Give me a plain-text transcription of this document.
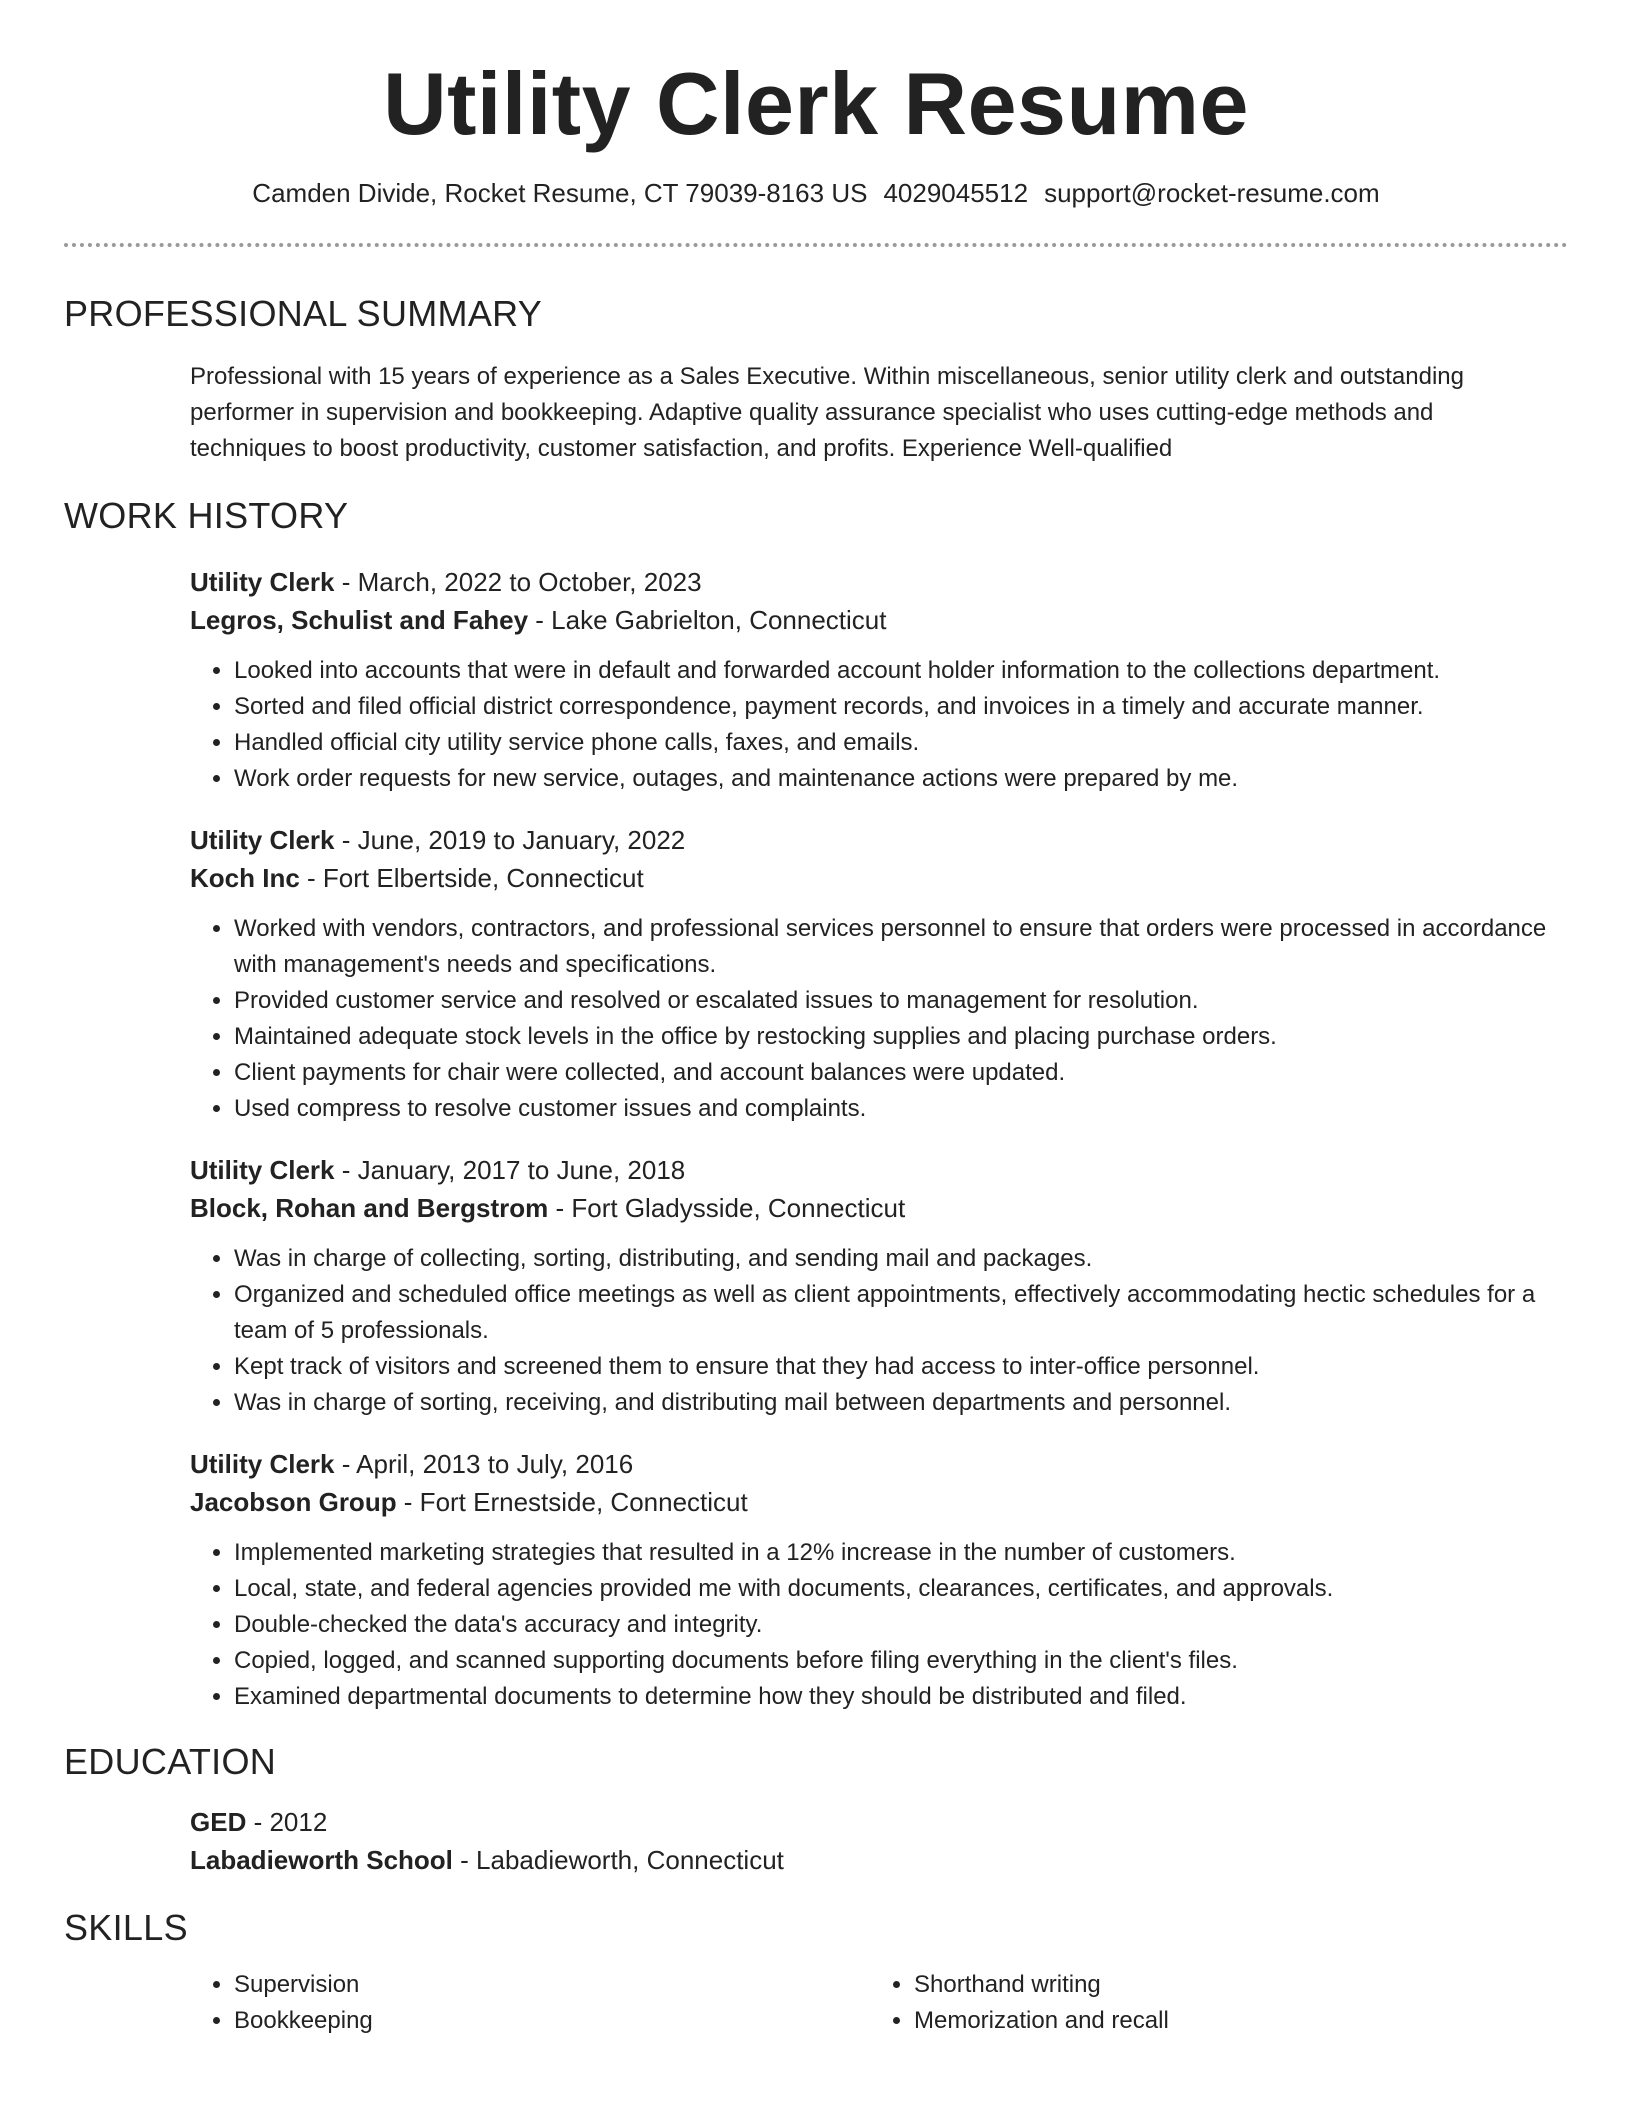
Utility Clerk Resume
Camden Divide, Rocket Resume, CT 79039-8163 US 4029045512 support@rocket-resume.com
PROFESSIONAL SUMMARY
Professional with 15 years of experience as a Sales Executive. Within miscellaneous, senior utility clerk and outstanding performer in supervision and bookkeeping. Adaptive quality assurance specialist who uses cutting-edge methods and techniques to boost productivity, customer satisfaction, and profits. Experience Well-qualified
WORK HISTORY
Utility Clerk - March, 2022 to October, 2023
Legros, Schulist and Fahey - Lake Gabrielton, Connecticut
• Looked into accounts that were in default and forwarded account holder information to the collections department.
• Sorted and filed official district correspondence, payment records, and invoices in a timely and accurate manner.
• Handled official city utility service phone calls, faxes, and emails.
• Work order requests for new service, outages, and maintenance actions were prepared by me.
Utility Clerk - June, 2019 to January, 2022
Koch Inc - Fort Elbertside, Connecticut
• Worked with vendors, contractors, and professional services personnel to ensure that orders were processed in accordance with management's needs and specifications.
• Provided customer service and resolved or escalated issues to management for resolution.
• Maintained adequate stock levels in the office by restocking supplies and placing purchase orders.
• Client payments for chair were collected, and account balances were updated.
• Used compress to resolve customer issues and complaints.
Utility Clerk - January, 2017 to June, 2018
Block, Rohan and Bergstrom - Fort Gladysside, Connecticut
• Was in charge of collecting, sorting, distributing, and sending mail and packages.
• Organized and scheduled office meetings as well as client appointments, effectively accommodating hectic schedules for a team of 5 professionals.
• Kept track of visitors and screened them to ensure that they had access to inter-office personnel.
• Was in charge of sorting, receiving, and distributing mail between departments and personnel.
Utility Clerk - April, 2013 to July, 2016
Jacobson Group - Fort Ernestside, Connecticut
• Implemented marketing strategies that resulted in a 12% increase in the number of customers.
• Local, state, and federal agencies provided me with documents, clearances, certificates, and approvals.
• Double-checked the data's accuracy and integrity.
• Copied, logged, and scanned supporting documents before filing everything in the client's files.
• Examined departmental documents to determine how they should be distributed and filed.
EDUCATION
GED - 2012
Labadieworth School - Labadieworth, Connecticut
SKILLS
• Supervision
• Bookkeeping
• Shorthand writing
• Memorization and recall
